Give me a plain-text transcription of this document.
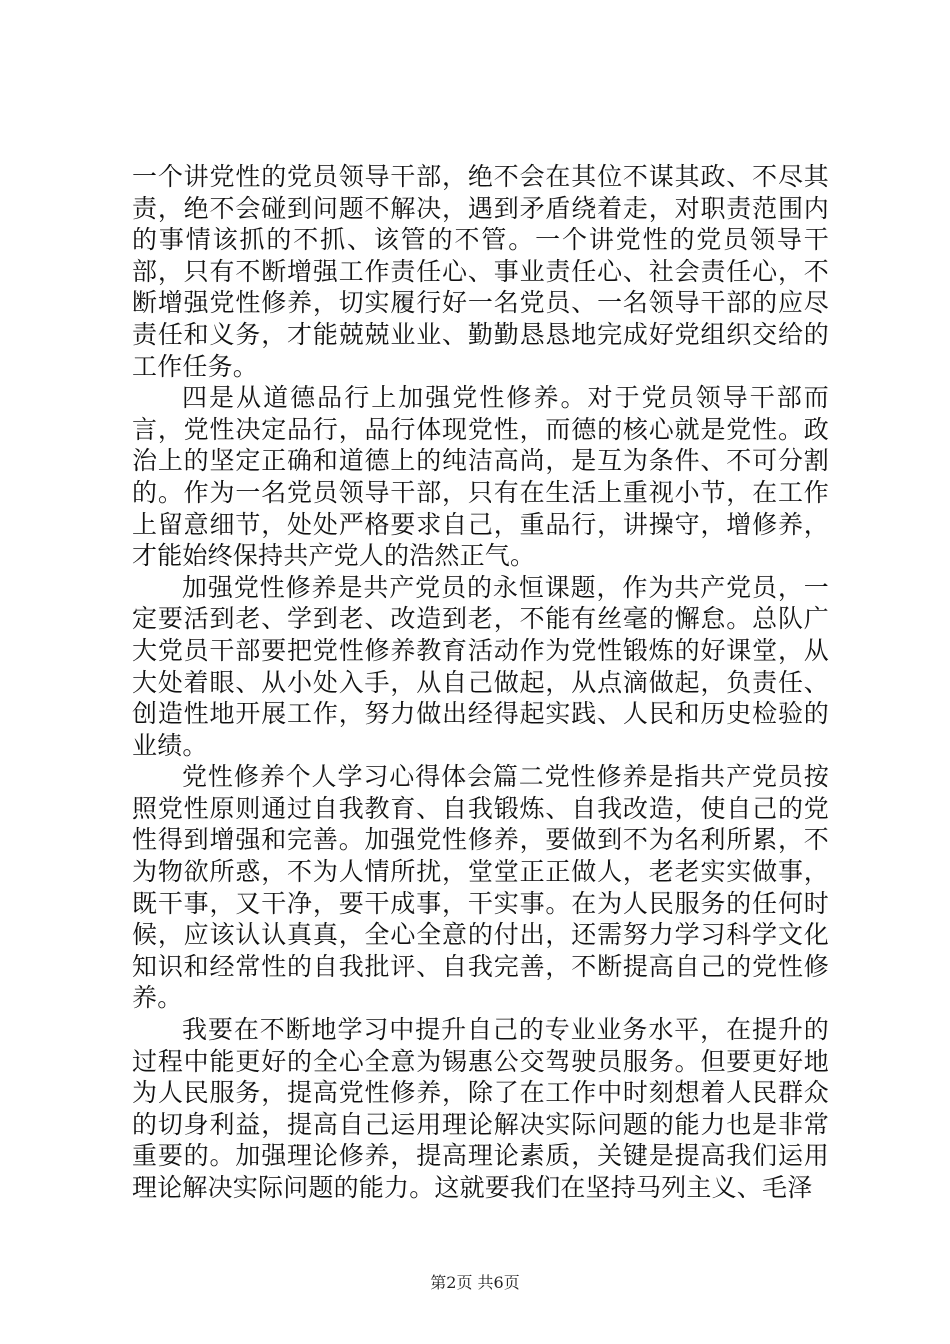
一个讲党性的党员领导干部，绝不会在其位不谋其政、不尽其责，绝不会碰到问题不解决，遇到矛盾绕着走，对职责范围内的事情该抓的不抓、该管的不管。一个讲党性的党员领导干部，只有不断增强工作责任心、事业责任心、社会责任心，不断增强党性修养，切实履行好一名党员、一名领导干部的应尽责任和义务，才能兢兢业业、勤勤恳恳地完成好党组织交给的工作任务。

四是从道德品行上加强党性修养。对于党员领导干部而言，党性决定品行，品行体现党性，而德的核心就是党性。政治上的坚定正确和道德上的纯洁高尚，是互为条件、不可分割的。作为一名党员领导干部，只有在生活上重视小节，在工作上留意细节，处处严格要求自己，重品行，讲操守，增修养，才能始终保持共产党人的浩然正气。

加强党性修养是共产党员的永恒课题，作为共产党员，一定要活到老、学到老、改造到老，不能有丝毫的懈怠。总队广大党员干部要把党性修养教育活动作为党性锻炼的好课堂，从大处着眼、从小处入手，从自己做起，从点滴做起，负责任、创造性地开展工作，努力做出经得起实践、人民和历史检验的业绩。

党性修养个人学习心得体会篇二党性修养是指共产党员按照党性原则通过自我教育、自我锻炼、自我改造，使自己的党性得到增强和完善。加强党性修养，要做到不为名利所累，不为物欲所惑，不为人情所扰，堂堂正正做人，老老实实做事，既干事，又干净，要干成事，干实事。在为人民服务的任何时候，应该认认真真，全心全意的付出，还需努力学习科学文化知识和经常性的自我批评、自我完善，不断提高自己的党性修养。

我要在不断地学习中提升自己的专业业务水平，在提升的过程中能更好的全心全意为锡惠公交驾驶员服务。但要更好地为人民服务，提高党性修养，除了在工作中时刻想着人民群众的切身利益，提高自己运用理论解决实际问题的能力也是非常重要的。加强理论修养，提高理论素质，关键是提高我们运用理论解决实际问题的能力。这就要我们在坚持马列主义、毛泽

第2页 共6页
